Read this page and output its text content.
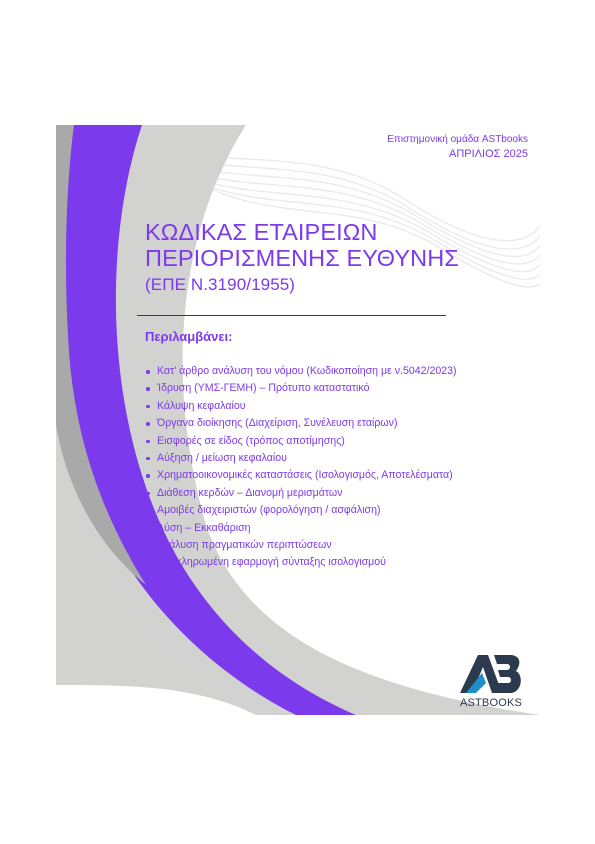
Επιστημονική ομάδα ASTbooks
ΑΠΡΙΛΙΟΣ 2025
ΚΩΔΙΚΑΣ ΕΤΑΙΡΕΙΩΝ
ΠΕΡΙΟΡΙΣΜΕΝΗΣ ΕΥΘΥΝΗΣ
(ΕΠΕ Ν.3190/1955)
Περιλαμβάνει:
Κατ’ άρθρο ανάλυση του νόμου (Κωδικοποίηση με ν.5042/2023)
Ίδρυση (ΥΜΣ-ΓΕΜΗ) – Πρότυπο καταστατικό
Κάλυψη κεφαλαίου
Όργανα διοίκησης (Διαχείριση, Συνέλευση εταίρων)
Εισφορές σε είδος (τρόπος αποτίμησης)
Αύξηση / μείωση κεφαλαίου
Χρηματοοικονομικές καταστάσεις (Ισολογισμός, Αποτελέσματα)
Διάθεση κερδών – Διανομή μερισμάτων
Αμοιβές διαχειριστών (φορολόγηση / ασφάλιση)
Λύση – Εκκαθάριση
Ανάλυση πραγματικών περιπτώσεων
Ολοκληρωμένη εφαρμογή σύνταξης ισολογισμού
ASTBOOKS
